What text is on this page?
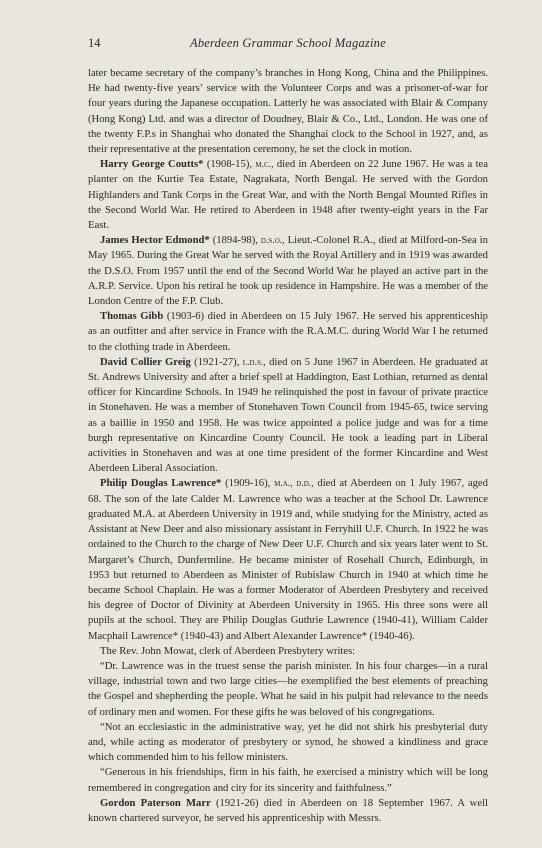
14	Aberdeen Grammar School Magazine

later became secretary of the company’s branches in Hong Kong, China and the Philippines. He had twenty-five years’ service with the Volunteer Corps and was a prisoner-of-war for four years during the Japanese occupation. Latterly he was associated with Blair & Company (Hong Kong) Ltd. and was a director of Doudney, Blair & Co., Ltd., London. He was one of the twenty F.P.s in Shanghai who donated the Shanghai clock to the School in 1927, and, as their representative at the presentation ceremony, he set the clock in motion.

Harry George Coutts* (1908-15), m.c., died in Aberdeen on 22 June 1967. He was a tea planter on the Kurtie Tea Estate, Nagrakata, North Bengal. He served with the Gordon Highlanders and Tank Corps in the Great War, and with the North Bengal Mounted Rifles in the Second World War. He retired to Aberdeen in 1948 after twenty-eight years in the Far East.

James Hector Edmond* (1894-98), d.s.o., Lieut.-Colonel R.A., died at Milford-on-Sea in May 1965. During the Great War he served with the Royal Artillery and in 1919 was awarded the D.S.O. From 1957 until the end of the Second World War he played an active part in the A.R.P. Service. Upon his retiral he took up residence in Hampshire. He was a member of the London Centre of the F.P. Club.

Thomas Gibb (1903-6) died in Aberdeen on 15 July 1967. He served his apprenticeship as an outfitter and after service in France with the R.A.M.C. during World War I he returned to the clothing trade in Aberdeen.

David Collier Greig (1921-27), l.d.s., died on 5 June 1967 in Aberdeen. He graduated at St. Andrews University and after a brief spell at Haddington, East Lothian, returned as dental officer for Kincardine Schools. In 1949 he relinquished the post in favour of private practice in Stonehaven. He was a member of Stonehaven Town Council from 1945-65, twice serving as a baillie in 1950 and 1958. He was twice appointed a police judge and was for a time burgh representative on Kincardine County Council. He took a leading part in Liberal activities in Stonehaven and was at one time president of the former Kincardine and West Aberdeen Liberal Association.

Philip Douglas Lawrence* (1909-16), m.a., d.d., died at Aberdeen on 1 July 1967, aged 68. The son of the late Calder M. Lawrence who was a teacher at the School Dr. Lawrence graduated M.A. at Aberdeen University in 1919 and, while studying for the Ministry, acted as Assistant at New Deer and also missionary assistant in Ferryhill U.F. Church. In 1922 he was ordained to the Church to the charge of New Deer U.F. Church and six years later went to St. Margaret’s Church, Dunfermline. He became minister of Rosehall Church, Edinburgh, in 1953 but returned to Aberdeen as Minister of Rubislaw Church in 1940 at which time he became School Chaplain. He was a former Moderator of Aberdeen Presbytery and received his degree of Doctor of Divinity at Aberdeen University in 1965. His three sons were all pupils at the school. They are Philip Douglas Guthrie Lawrence (1940-41), William Calder Macphail Lawrence* (1940-43) and Albert Alexander Lawrence* (1940-46).

The Rev. John Mowat, clerk of Aberdeen Presbytery writes:

“Dr. Lawrence was in the truest sense the parish minister. In his four charges—in a rural village, industrial town and two large cities—he exemplified the best elements of preaching the Gospel and shepherding the people. What he said in his pulpit had relevance to the needs of ordinary men and women. For these gifts he was beloved of his congregations.

“Not an ecclesiastic in the administrative way, yet he did not shirk his presbyterial duty and, while acting as moderator of presbytery or synod, he showed a kindliness and grace which commended him to his fellow ministers.

“Generous in his friendships, firm in his faith, he exercised a ministry which will be long remembered in congregation and city for its sincerity and faithfulness.”

Gordon Paterson Marr (1921-26) died in Aberdeen on 18 September 1967. A well known chartered surveyor, he served his apprenticeship with Messrs.
